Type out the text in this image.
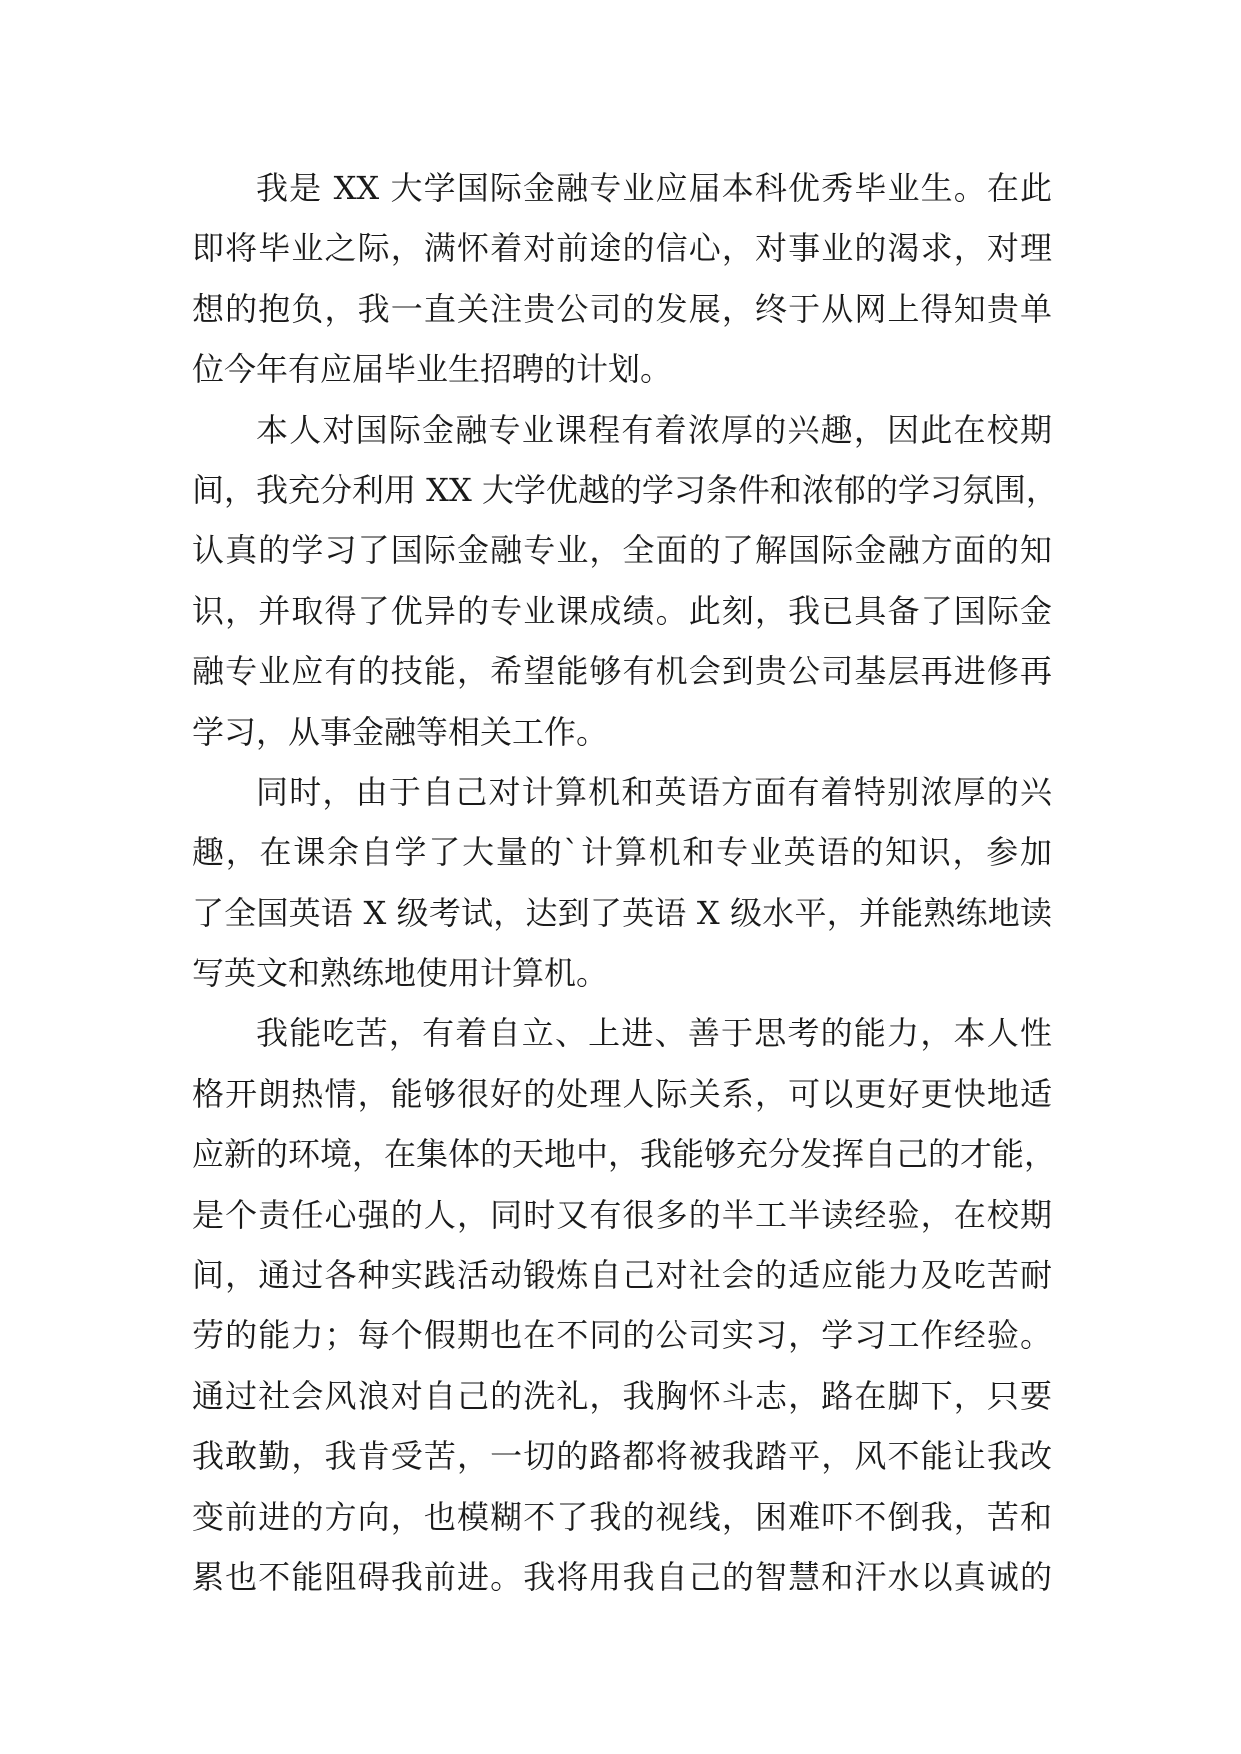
我是 XX 大学国际金融专业应届本科优秀毕业生。在此
即将毕业之际，满怀着对前途的信心，对事业的渴求，对理
想的抱负，我一直关注贵公司的发展，终于从网上得知贵单
位今年有应届毕业生招聘的计划。
本人对国际金融专业课程有着浓厚的兴趣，因此在校期
间，我充分利用 XX 大学优越的学习条件和浓郁的学习氛围，
认真的学习了国际金融专业，全面的了解国际金融方面的知
识，并取得了优异的专业课成绩。此刻，我已具备了国际金
融专业应有的技能，希望能够有机会到贵公司基层再进修再
学习，从事金融等相关工作。
同时，由于自己对计算机和英语方面有着特别浓厚的兴
趣，在课余自学了大量的`计算机和专业英语的知识，参加
了全国英语 X 级考试，达到了英语 X 级水平，并能熟练地读
写英文和熟练地使用计算机。
我能吃苦，有着自立、上进、善于思考的能力，本人性
格开朗热情，能够很好的处理人际关系，可以更好更快地适
应新的环境，在集体的天地中，我能够充分发挥自己的才能，
是个责任心强的人，同时又有很多的半工半读经验，在校期
间，通过各种实践活动锻炼自己对社会的适应能力及吃苦耐
劳的能力；每个假期也在不同的公司实习，学习工作经验。
通过社会风浪对自己的洗礼，我胸怀斗志，路在脚下，只要
我敢勤，我肯受苦，一切的路都将被我踏平，风不能让我改
变前进的方向，也模糊不了我的视线，困难吓不倒我，苦和
累也不能阻碍我前进。我将用我自己的智慧和汗水以真诚的
